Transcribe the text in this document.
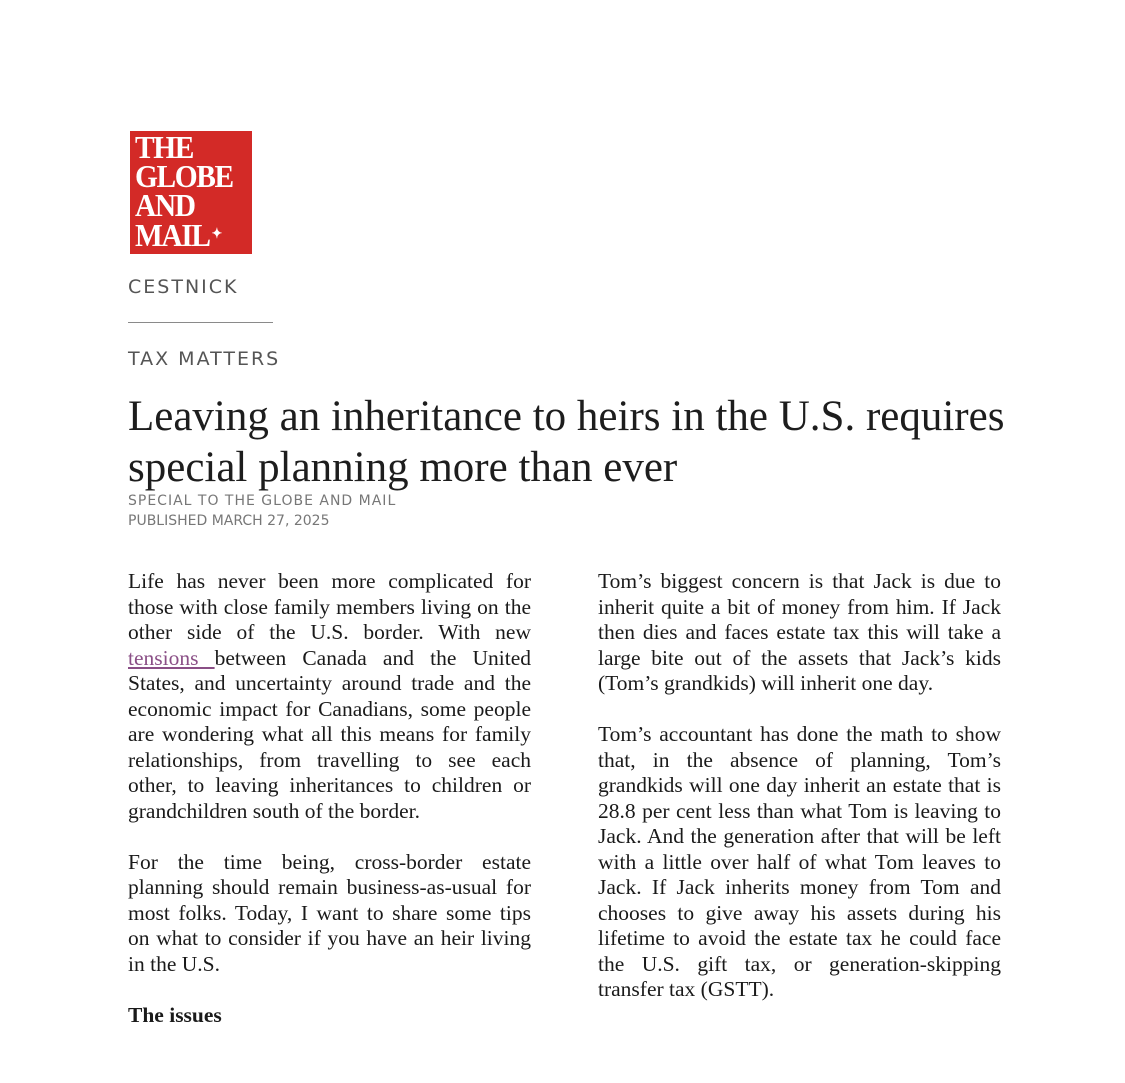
THE
GLOBE
AND
MAIL ✦
CESTNICK
TAX MATTERS
Leaving an inheritance to heirs in the U.S. requires special planning more than ever
SPECIAL TO THE GLOBE AND MAIL
PUBLISHED MARCH 27, 2025

Life has never been more complicated for those with close family members living on the other side of the U.S. border. With new tensions between Canada and the United States, and uncertainty around trade and the economic impact for Canadians, some people are wondering what all this means for family relationships, from travelling to see each other, to leaving inheritances to children or grandchildren south of the border.

For the time being, cross-border estate planning should remain business-as-usual for most folks. Today, I want to share some tips on what to consider if you have an heir living in the U.S.

The issues

Tom’s biggest concern is that Jack is due to inherit quite a bit of money from him. If Jack then dies and faces estate tax this will take a large bite out of the assets that Jack’s kids (Tom’s grandkids) will inherit one day.

Tom’s accountant has done the math to show that, in the absence of planning, Tom’s grandkids will one day inherit an estate that is 28.8 per cent less than what Tom is leaving to Jack. And the generation after that will be left with a little over half of what Tom leaves to Jack. If Jack inherits money from Tom and chooses to give away his assets during his lifetime to avoid the estate tax he could face the U.S. gift tax, or generation-skipping transfer tax (GSTT).
